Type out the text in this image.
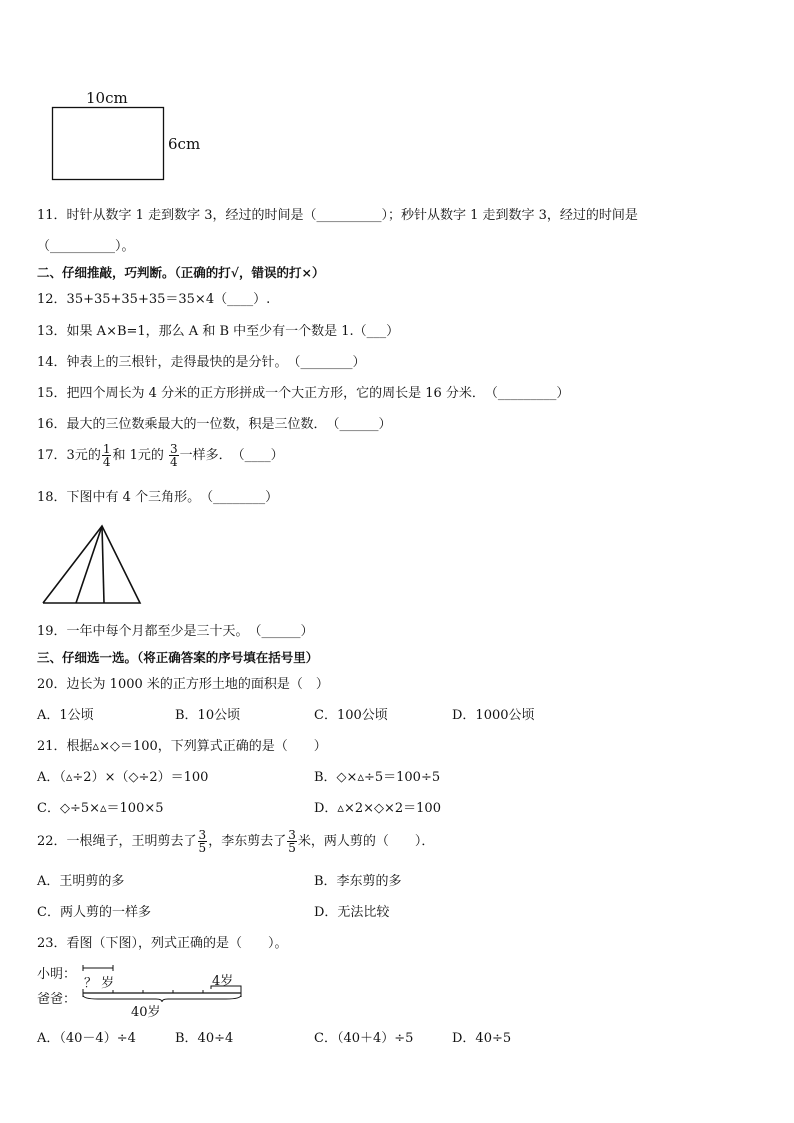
10cm
6cm
11．时针从数字 1 走到数字 3，经过的时间是（__________）；秒针从数字 1 走到数字 3，经过的时间是
（__________）。
二、仔细推敲，巧判断。（正确的打√，错误的打×）
12．35+35+35+35＝35×4（____）.
13．如果 A×B=1，那么 A 和 B 中至少有一个数是 1.（___）
14．钟表上的三根针，走得最快的是分针。　（________）
15．把四个周长为 4 分米的正方形拼成一个大正方形，它的周长是 16 分米．　（_________）
16．最大的三位数乘最大的一位数，积是三位数．　（______）
17．3元的 $\frac{1}{4}$ 和 1元的 $\frac{3}{4}$ 一样多．　（____）
18．下图中有 4 个三角形。　（________）
19．一年中每个月都至少是三十天。　（______）
三、仔细选一选。（将正确答案的序号填在括号里）
20．边长为 1000 米的正方形土地的面积是（　）
A．1公顷	B．10公顷	C．100公顷	D．1000公顷
21．根据▵×◇＝100，下列算式正确的是（　　）
A．（▵÷2）×（◇÷2）＝100	B．◇×▵÷5＝100÷5
C．◇÷5×▵＝100×5	D．▵×2×◇×2＝100
22．一根绳子，王明剪去了 $\frac{3}{5}$ ，李东剪去了 $\frac{3}{5}$ 米，两人剪的（　　）．
A．王明剪的多	B．李东剪的多
C．两人剪的一样多	D．无法比较
23．看图（下图），列式正确的是（　　）。
小明：
爸爸：
？ 岁	4岁
40岁
A．（40－4）÷4	B．40÷4	C．（40＋4）÷5	D．40÷5
